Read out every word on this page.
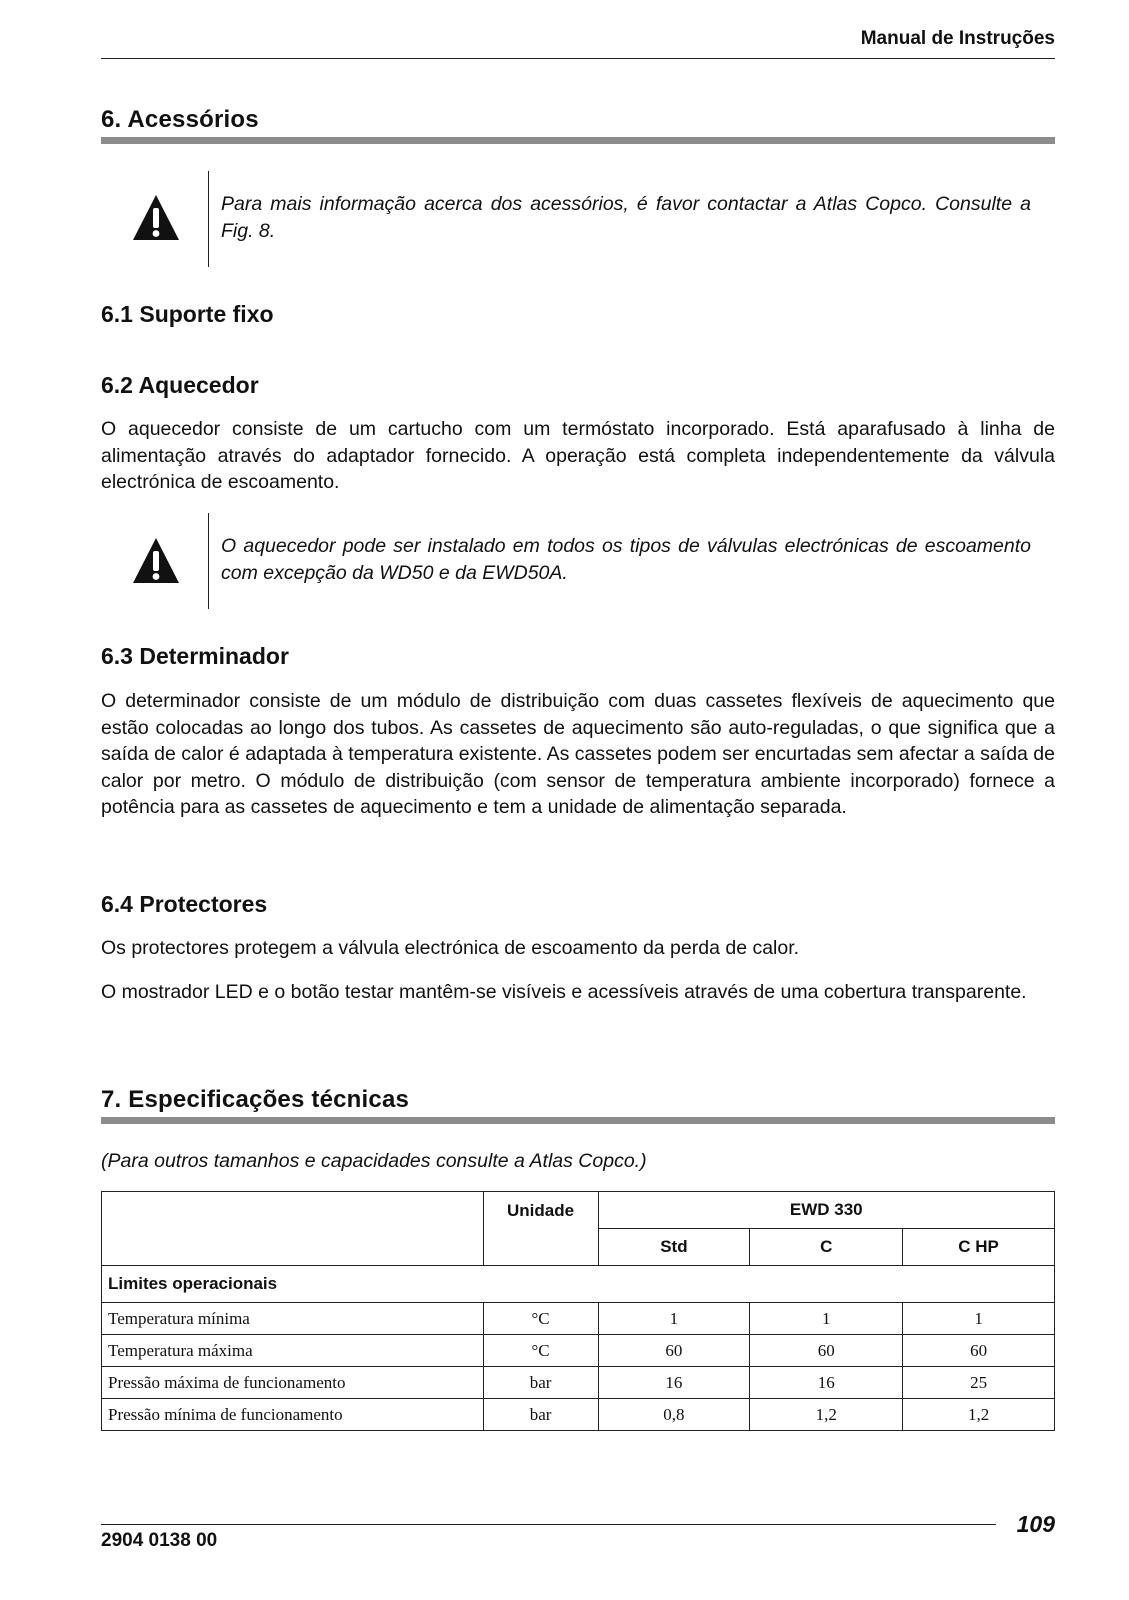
Manual de Instruções
6. Acessórios

Para mais informação acerca dos acessórios, é favor contactar a Atlas Copco. Consulte a Fig. 8.

6.1 Suporte fixo
6.2 Aquecedor

O aquecedor consiste de um cartucho com um termóstato incorporado. Está aparafusado à linha de alimentação através do adaptador fornecido. A operação está completa independentemente da válvula electrónica de escoamento.

O aquecedor pode ser instalado em todos os tipos de válvulas electrónicas de escoamento com excepção da WD50 e da EWD50A.

6.3 Determinador

O determinador consiste de um módulo de distribuição com duas cassetes flexíveis de aquecimento que estão colocadas ao longo dos tubos. As cassetes de aquecimento são auto-reguladas, o que significa que a saída de calor é adaptada à temperatura existente. As cassetes podem ser encurtadas sem afectar a saída de calor por metro. O módulo de distribuição (com sensor de temperatura ambiente incorporado) fornece a potência para as cassetes de aquecimento e tem a unidade de alimentação separada.

6.4 Protectores

Os protectores protegem a válvula electrónica de escoamento da perda de calor.

O mostrador LED e o botão testar mantêm-se visíveis e acessíveis através de uma cobertura transparente.

7. Especificações técnicas
(Para outros tamanhos e capacidades consulte a Atlas Copco.)
	Unidade	EWD 330		
		Std	C	C HP
Limites operacionais				
Temperatura mínima	°C	1	1	1
Temperatura máxima	°C	60	60	60
Pressão máxima de funcionamento	bar	16	16	25
Pressão mínima de funcionamento	bar	0,8	1,2	1,2
2904 0138 00
109
